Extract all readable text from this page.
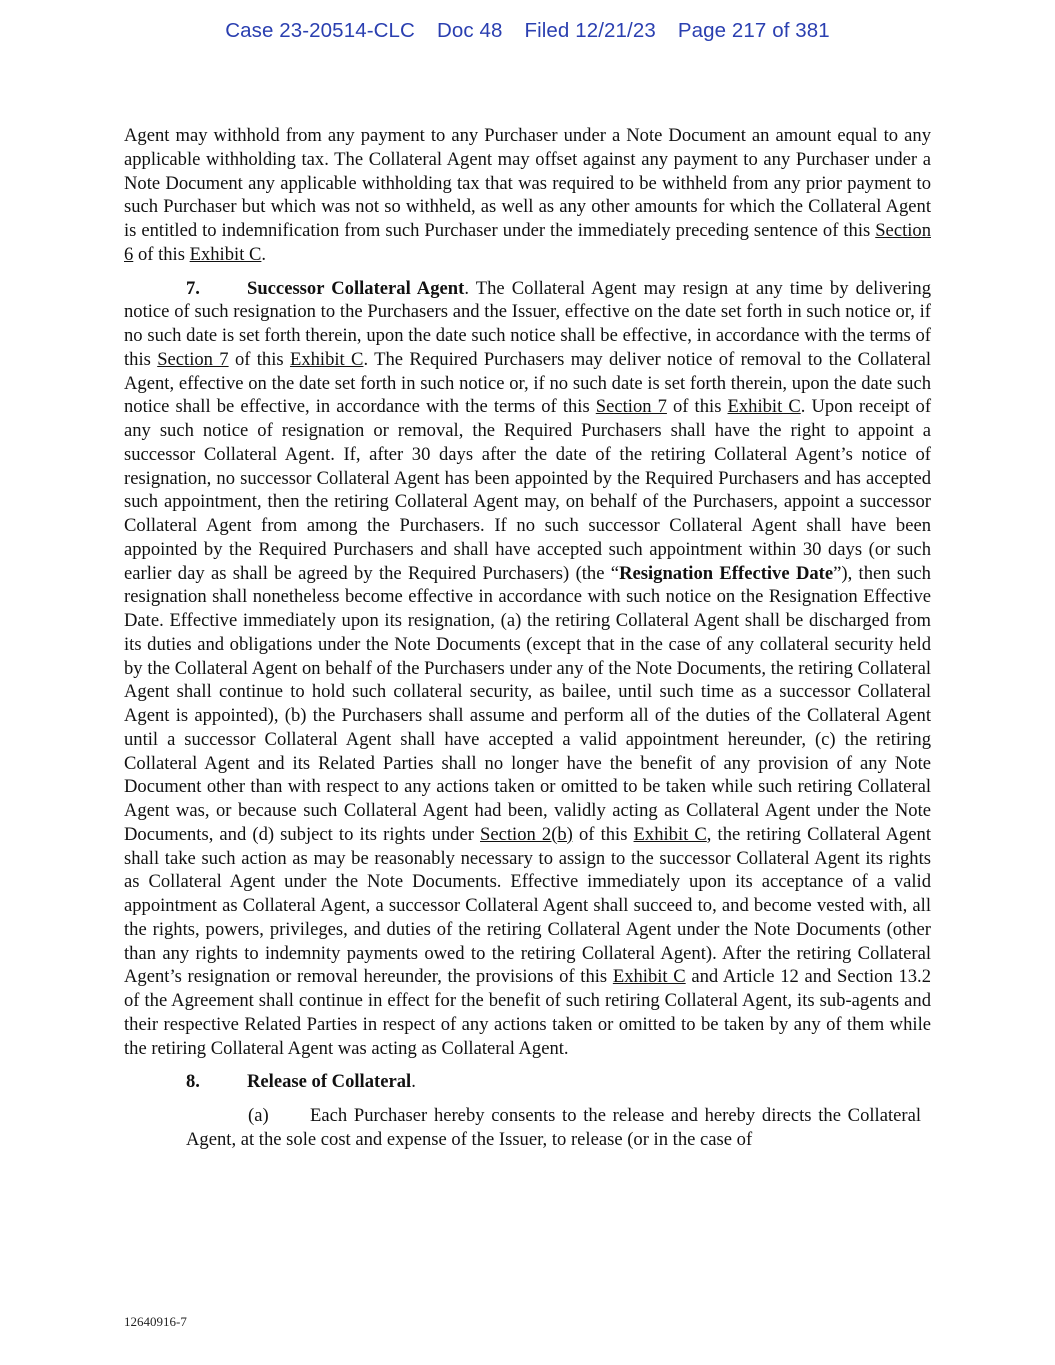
Case 23-20514-CLC Doc 48 Filed 12/21/23 Page 217 of 381

Agent may withhold from any payment to any Purchaser under a Note Document an amount equal to any applicable withholding tax. The Collateral Agent may offset against any payment to any Purchaser under a Note Document any applicable withholding tax that was required to be withheld from any prior payment to such Purchaser but which was not so withheld, as well as any other amounts for which the Collateral Agent is entitled to indemnification from such Purchaser under the immediately preceding sentence of this Section 6 of this Exhibit C.

7.	Successor Collateral Agent. The Collateral Agent may resign at any time by delivering notice of such resignation to the Purchasers and the Issuer, effective on the date set forth in such notice or, if no such date is set forth therein, upon the date such notice shall be effective, in accordance with the terms of this Section 7 of this Exhibit C. The Required Purchasers may deliver notice of removal to the Collateral Agent, effective on the date set forth in such notice or, if no such date is set forth therein, upon the date such notice shall be effective, in accordance with the terms of this Section 7 of this Exhibit C. Upon receipt of any such notice of resignation or removal, the Required Purchasers shall have the right to appoint a successor Collateral Agent. If, after 30 days after the date of the retiring Collateral Agent’s notice of resignation, no successor Collateral Agent has been appointed by the Required Purchasers and has accepted such appointment, then the retiring Collateral Agent may, on behalf of the Purchasers, appoint a successor Collateral Agent from among the Purchasers. If no such successor Collateral Agent shall have been appointed by the Required Purchasers and shall have accepted such appointment within 30 days (or such earlier day as shall be agreed by the Required Purchasers) (the “Resignation Effective Date”), then such resignation shall nonetheless become effective in accordance with such notice on the Resignation Effective Date. Effective immediately upon its resignation, (a) the retiring Collateral Agent shall be discharged from its duties and obligations under the Note Documents (except that in the case of any collateral security held by the Collateral Agent on behalf of the Purchasers under any of the Note Documents, the retiring Collateral Agent shall continue to hold such collateral security, as bailee, until such time as a successor Collateral Agent is appointed), (b) the Purchasers shall assume and perform all of the duties of the Collateral Agent until a successor Collateral Agent shall have accepted a valid appointment hereunder, (c) the retiring Collateral Agent and its Related Parties shall no longer have the benefit of any provision of any Note Document other than with respect to any actions taken or omitted to be taken while such retiring Collateral Agent was, or because such Collateral Agent had been, validly acting as Collateral Agent under the Note Documents, and (d) subject to its rights under Section 2(b) of this Exhibit C, the retiring Collateral Agent shall take such action as may be reasonably necessary to assign to the successor Collateral Agent its rights as Collateral Agent under the Note Documents. Effective immediately upon its acceptance of a valid appointment as Collateral Agent, a successor Collateral Agent shall succeed to, and become vested with, all the rights, powers, privileges, and duties of the retiring Collateral Agent under the Note Documents (other than any rights to indemnity payments owed to the retiring Collateral Agent). After the retiring Collateral Agent’s resignation or removal hereunder, the provisions of this Exhibit C and Article 12 and Section 13.2 of the Agreement shall continue in effect for the benefit of such retiring Collateral Agent, its sub-agents and their respective Related Parties in respect of any actions taken or omitted to be taken by any of them while the retiring Collateral Agent was acting as Collateral Agent.

8.	Release of Collateral.

(a) Each Purchaser hereby consents to the release and hereby directs the Collateral Agent, at the sole cost and expense of the Issuer, to release (or in the case of

12640916-7
